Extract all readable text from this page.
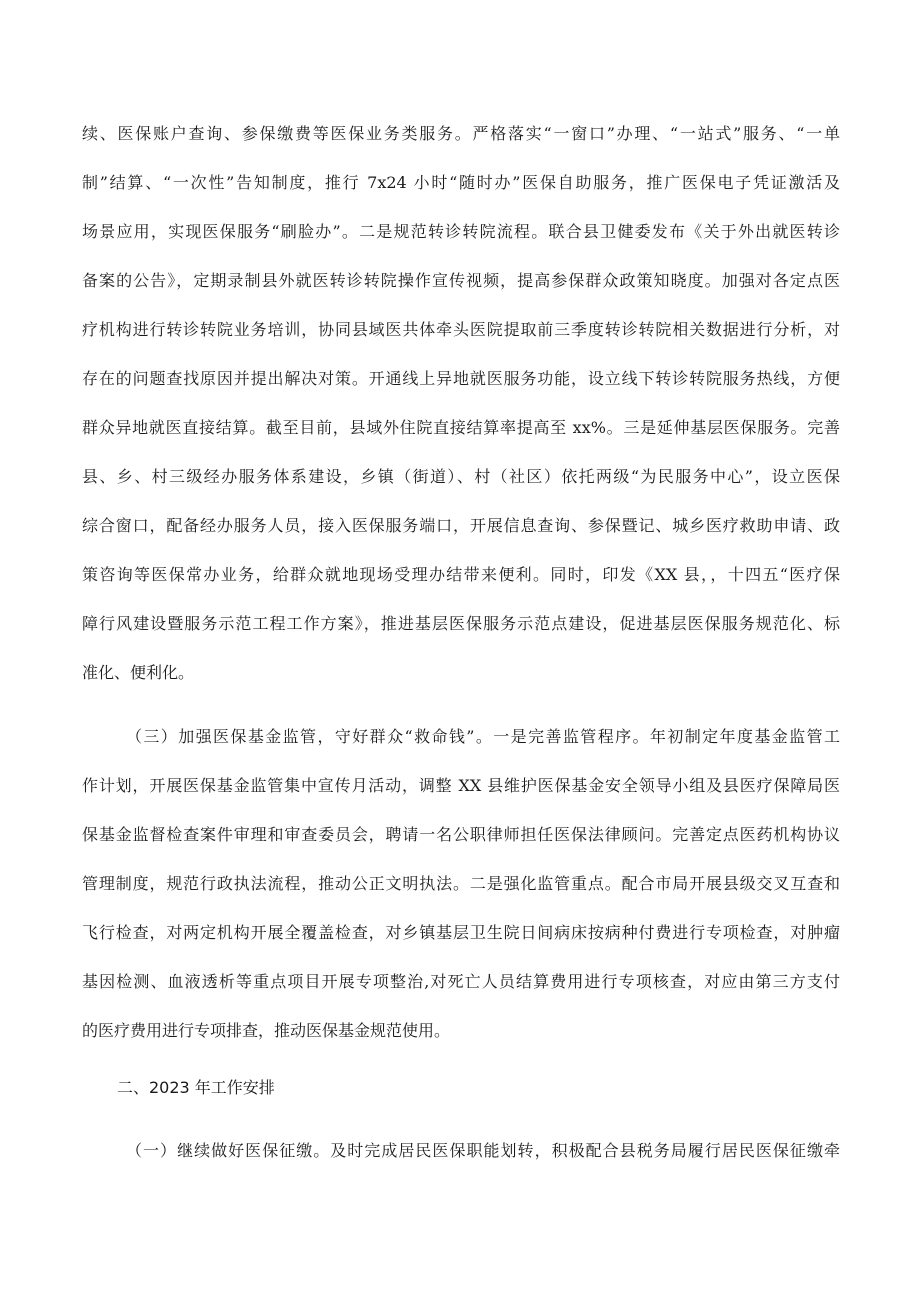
续、医保账户查询、参保缴费等医保业务类服务。严格落实“一窗口”办理、“一站式”服务、“一单
制”结算、“一次性”告知制度，推行 7x24 小时“随时办”医保自助服务，推广医保电子凭证激活及
场景应用，实现医保服务“刷脸办”。二是规范转诊转院流程。联合县卫健委发布《关于外出就医转诊
备案的公告》，定期录制县外就医转诊转院操作宣传视频，提高参保群众政策知晓度。加强对各定点医
疗机构进行转诊转院业务培训，协同县域医共体牵头医院提取前三季度转诊转院相关数据进行分析，对
存在的问题查找原因并提出解决对策。开通线上异地就医服务功能，设立线下转诊转院服务热线，方便
群众异地就医直接结算。截至目前，县域外住院直接结算率提高至 xx%。三是延伸基层医保服务。完善
县、乡、村三级经办服务体系建设，乡镇（街道）、村（社区）依托两级“为民服务中心”，设立医保
综合窗口，配备经办服务人员，接入医保服务端口，开展信息查询、参保暨记、城乡医疗救助申请、政
策咨询等医保常办业务，给群众就地现场受理办结带来便利。同时，印发《XX 县，，十四五“医疗保
障行风建设暨服务示范工程工作方案》，推进基层医保服务示范点建设，促进基层医保服务规范化、标
准化、便利化。
（三）加强医保基金监管，守好群众“救命钱”。一是完善监管程序。年初制定年度基金监管工
作计划，开展医保基金监管集中宣传月活动，调整 XX 县维护医保基金安全领导小组及县医疗保障局医
保基金监督检查案件审理和审查委员会，聘请一名公职律师担任医保法律顾问。完善定点医药机构协议
管理制度，规范行政执法流程，推动公正文明执法。二是强化监管重点。配合市局开展县级交叉互查和
飞行检查，对两定机构开展全覆盖检查，对乡镇基层卫生院日间病床按病种付费进行专项检查，对肿瘤
基因检测、血液透析等重点项目开展专项整治,对死亡人员结算费用进行专项核查，对应由第三方支付
的医疗费用进行专项排查，推动医保基金规范使用。
二、2023 年工作安排
（一）继续做好医保征缴。及时完成居民医保职能划转，积极配合县税务局履行居民医保征缴牵
